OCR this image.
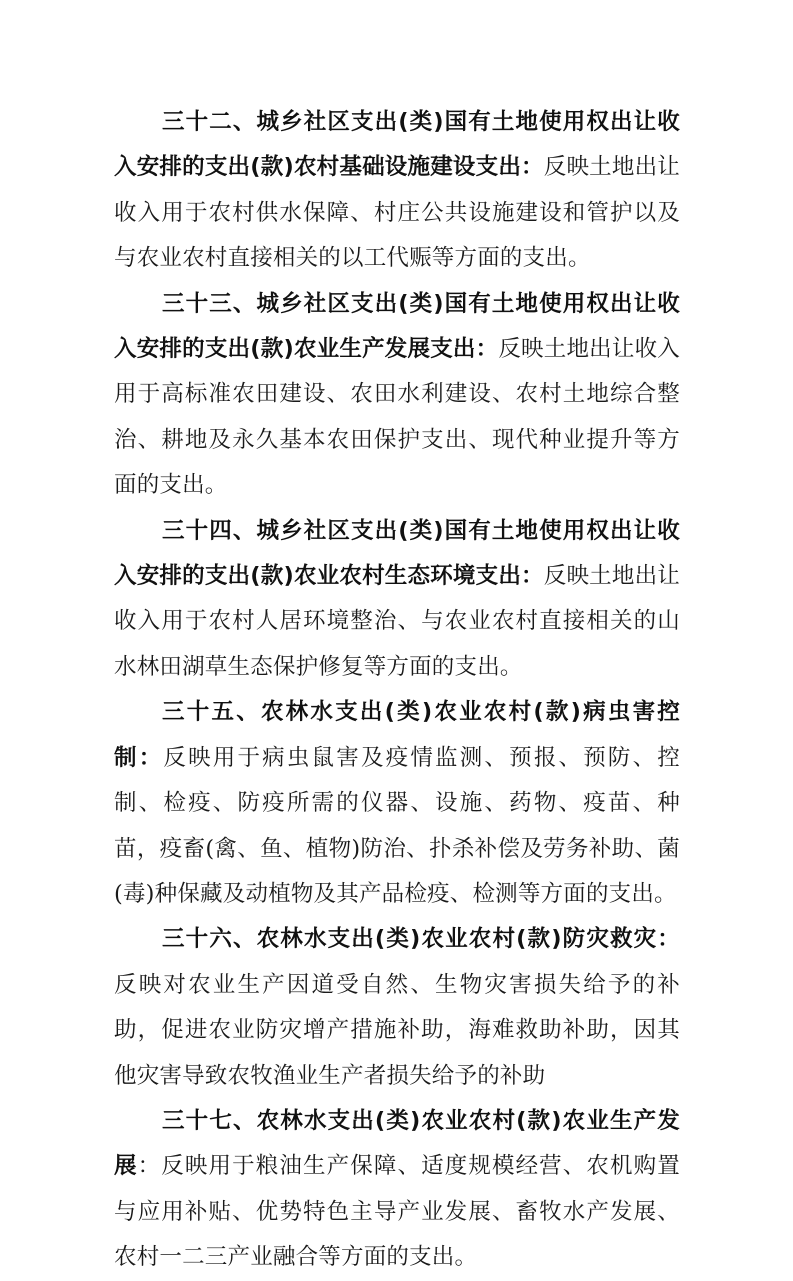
三十二、城乡社区支出(类)国有土地使用权出让收入安排的支出(款)农村基础设施建设支出：反映土地出让收入用于农村供水保障、村庄公共设施建设和管护以及与农业农村直接相关的以工代赈等方面的支出。

三十三、城乡社区支出(类)国有土地使用权出让收入安排的支出(款)农业生产发展支出：反映土地出让收入用于高标准农田建设、农田水利建设、农村土地综合整治、耕地及永久基本农田保护支出、现代种业提升等方面的支出。

三十四、城乡社区支出(类)国有土地使用权出让收入安排的支出(款)农业农村生态环境支出：反映土地出让收入用于农村人居环境整治、与农业农村直接相关的山水林田湖草生态保护修复等方面的支出。

三十五、农林水支出(类)农业农村(款)病虫害控制：反映用于病虫鼠害及疫情监测、预报、预防、控制、检疫、防疫所需的仪器、设施、药物、疫苗、种苗，疫畜(禽、鱼、植物)防治、扑杀补偿及劳务补助、菌(毒)种保藏及动植物及其产品检疫、检测等方面的支出。

三十六、农林水支出(类)农业农村(款)防灾救灾：反映对农业生产因道受自然、生物灾害损失给予的补助，促进农业防灾增产措施补助，海难救助补助，因其他灾害导致农牧渔业生产者损失给予的补助

三十七、农林水支出(类)农业农村(款)农业生产发展：反映用于粮油生产保障、适度规模经营、农机购置与应用补贴、优势特色主导产业发展、畜牧水产发展、农村一二三产业融合等方面的支出。
